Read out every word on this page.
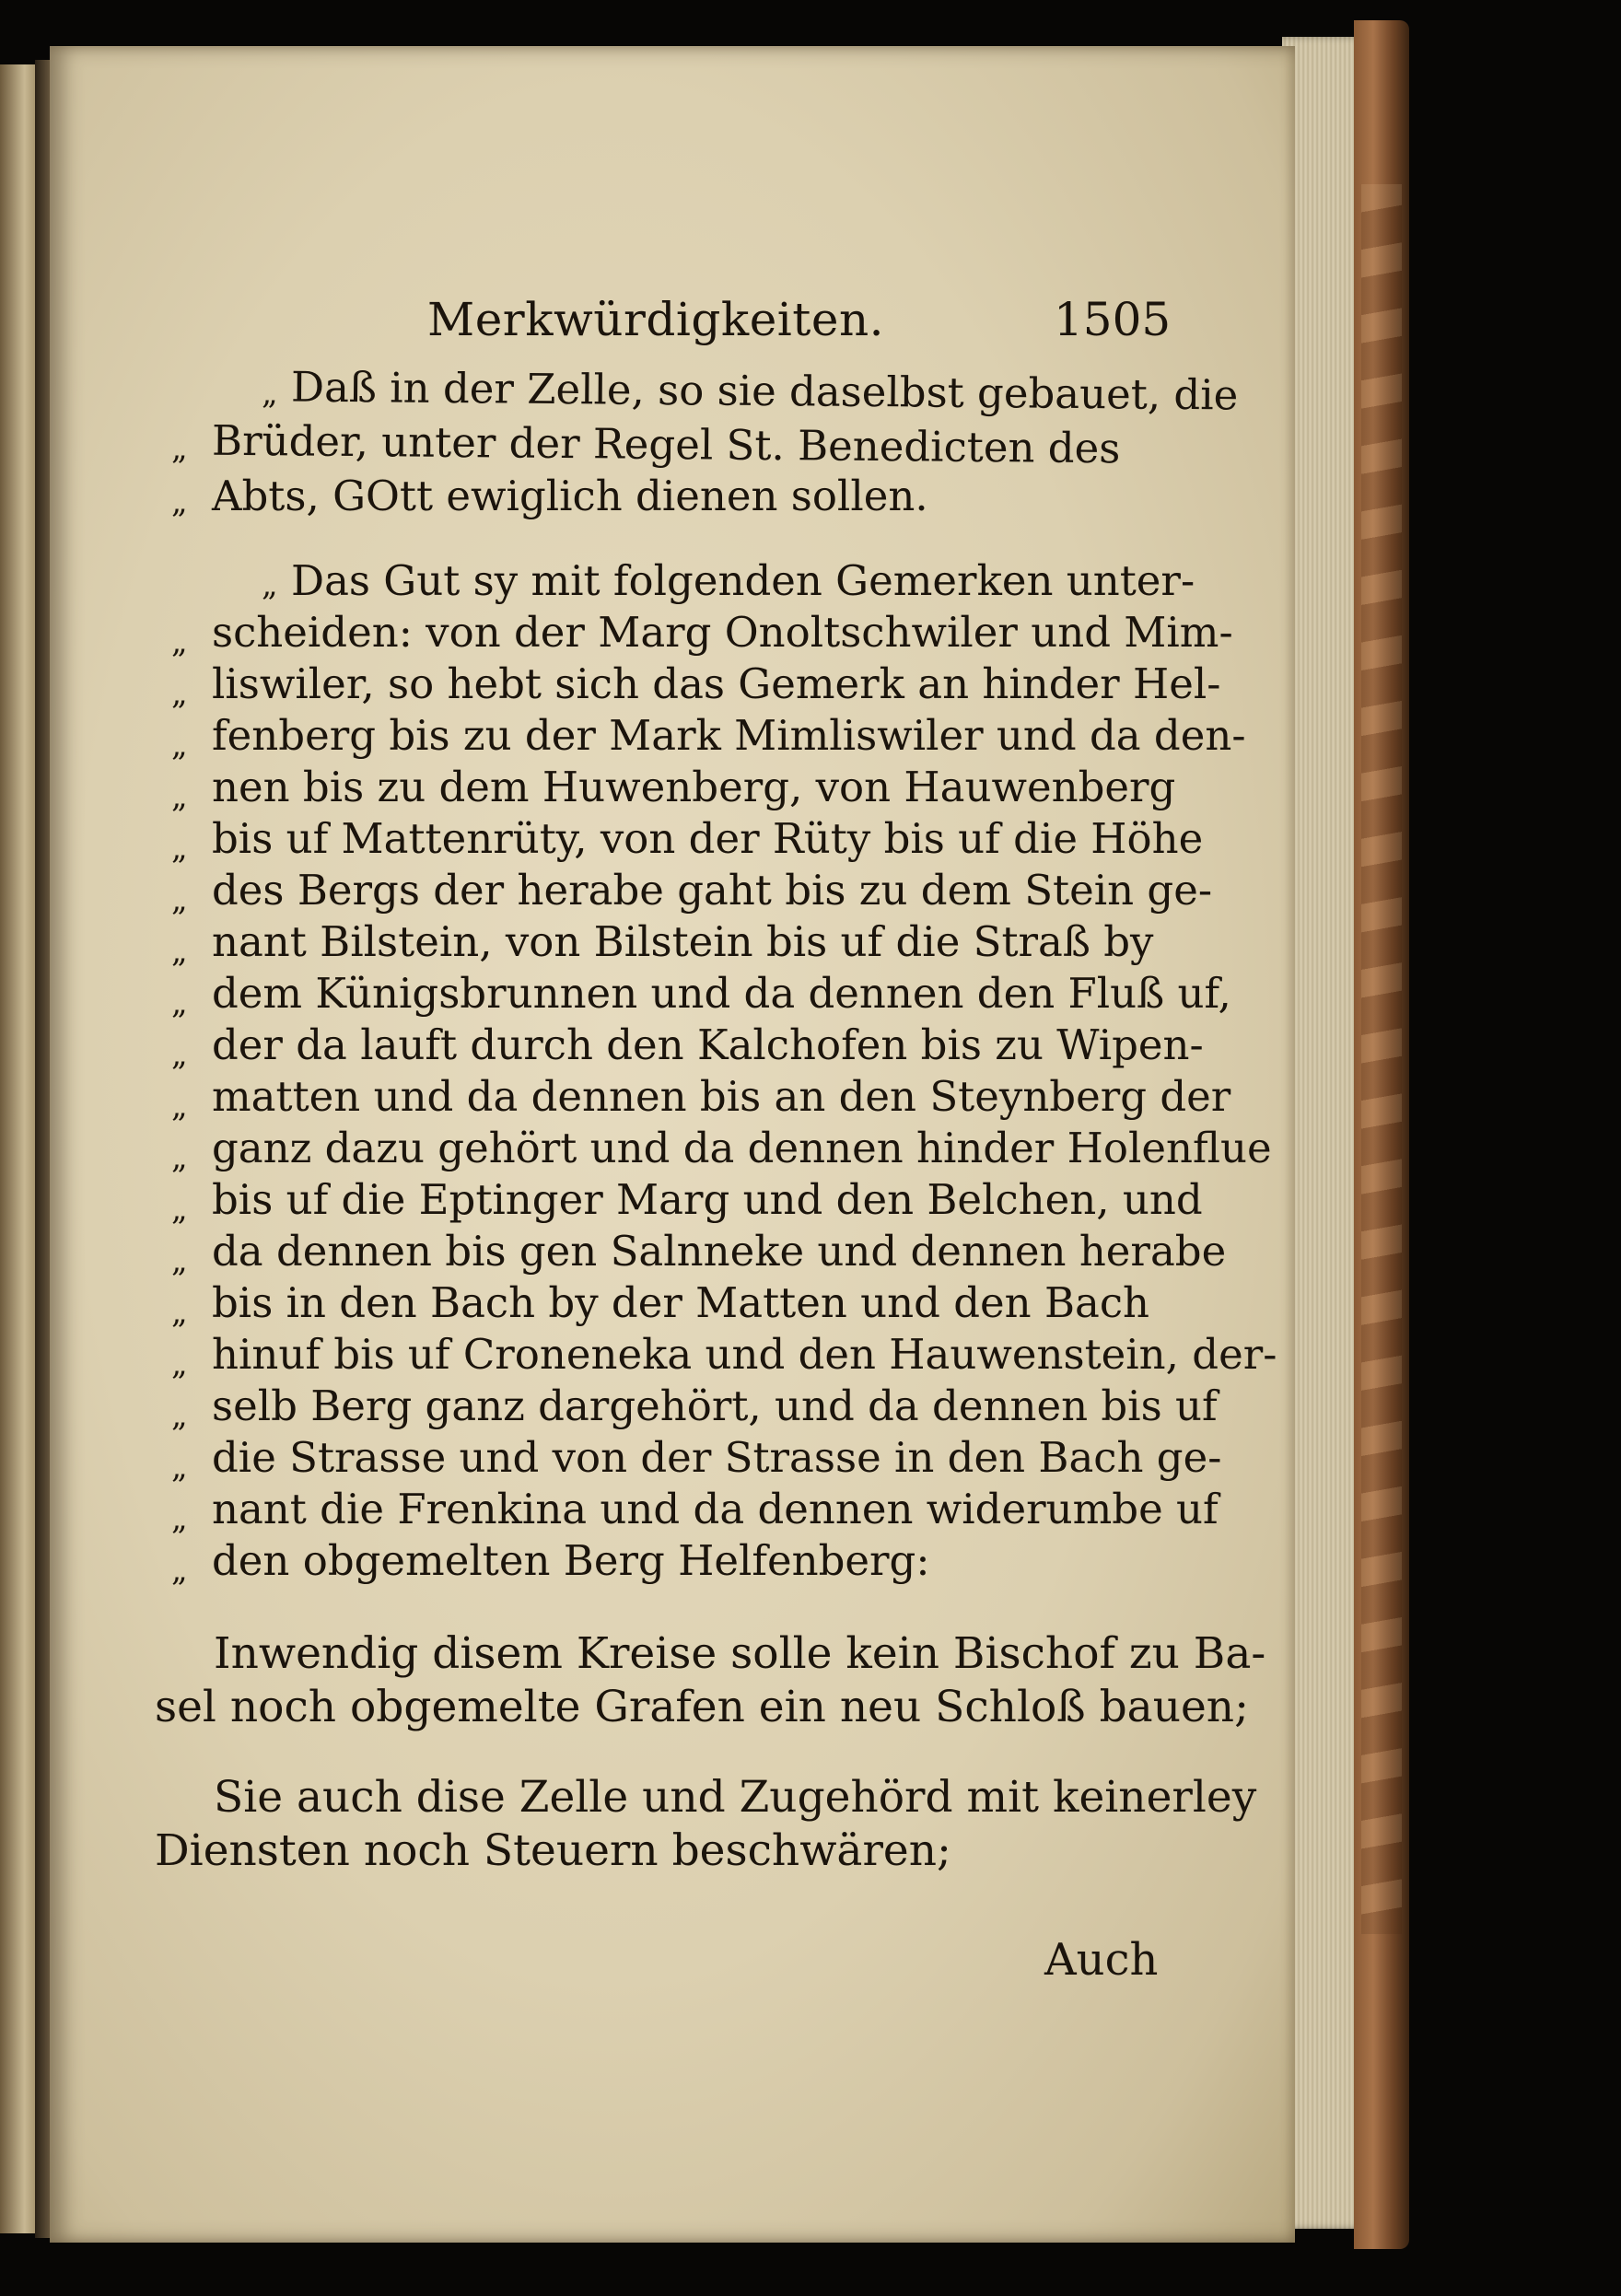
Merkwürdigkeiten.	1505
„ Daß in der Zelle, so sie daselbst gebauet, die
„ Brüder, unter der Regel St. Benedicten des
„ Abts, GOtt ewiglich dienen sollen.
„ Das Gut sy mit folgenden Gemerken unter-
„ scheiden: von der Marg Onoltschwiler und Mim-
„ liswiler, so hebt sich das Gemerk an hinder Hel-
„ fenberg bis zu der Mark Mimliswiler und da den-
„ nen bis zu dem Huwenberg, von Hauwenberg
„ bis uf Mattenrüty, von der Rüty bis uf die Höhe
„ des Bergs der herabe gaht bis zu dem Stein ge-
„ nant Bilstein, von Bilstein bis uf die Straß by
„ dem Künigsbrunnen und da dennen den Fluß uf,
„ der da lauft durch den Kalchofen bis zu Wipen-
„ matten und da dennen bis an den Steynberg der
„ ganz dazu gehört und da dennen hinder Holenflue
„ bis uf die Eptinger Marg und den Belchen, und
„ da dennen bis gen Salnneke und dennen herabe
„ bis in den Bach by der Matten und den Bach
„ hinuf bis uf Croneneka und den Hauwenstein, der-
„ selb Berg ganz dargehört, und da dennen bis uf
„ die Strasse und von der Strasse in den Bach ge-
„ nant die Frenkina und da dennen widerumbe uf
„ den obgemelten Berg Helfenberg:
Inwendig disem Kreise solle kein Bischof zu Ba-
sel noch obgemelte Grafen ein neu Schloß bauen;
Sie auch dise Zelle und Zugehörd mit keinerley
Diensten noch Steuern beschwären;
Auch
